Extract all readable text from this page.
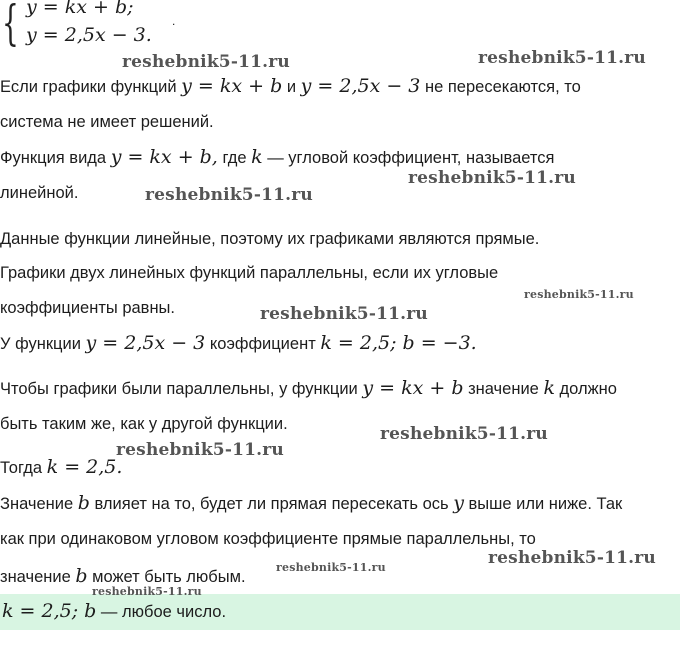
{ y = kx + b;
y = 2,5x − 3.
.

Если графики функций y = kx + b и y = 2,5x − 3 не пересекаются, то

система не имеет решений.

Функция вида y = kx + b, где k — угловой коэффициент, называется

линейной.

Данные функции линейные, поэтому их графиками являются прямые.

Графики двух линейных функций параллельны, если их угловые

коэффициенты равны.

У функции y = 2,5x − 3 коэффициент k = 2,5; b = −3.

Чтобы графики были параллельны, у функции y = kx + b значение k должно

быть таким же, как у другой функции.

Тогда k = 2,5.

Значение b влияет на то, будет ли прямая пересекать ось y выше или ниже. Так

как при одинаковом угловом коэффициенте прямые параллельны, то

значение b может быть любым.

k = 2,5; b — любое число.
reshebnik5-11.ru	reshebnik5-11.ru
reshebnik5-11.ru
reshebnik5-11.ru
reshebnik5-11.ru
reshebnik5-11.ru
reshebnik5-11.ru
reshebnik5-11.ru
reshebnik5-11.ru
reshebnik5-11.ru
reshebnik5-11.ru
